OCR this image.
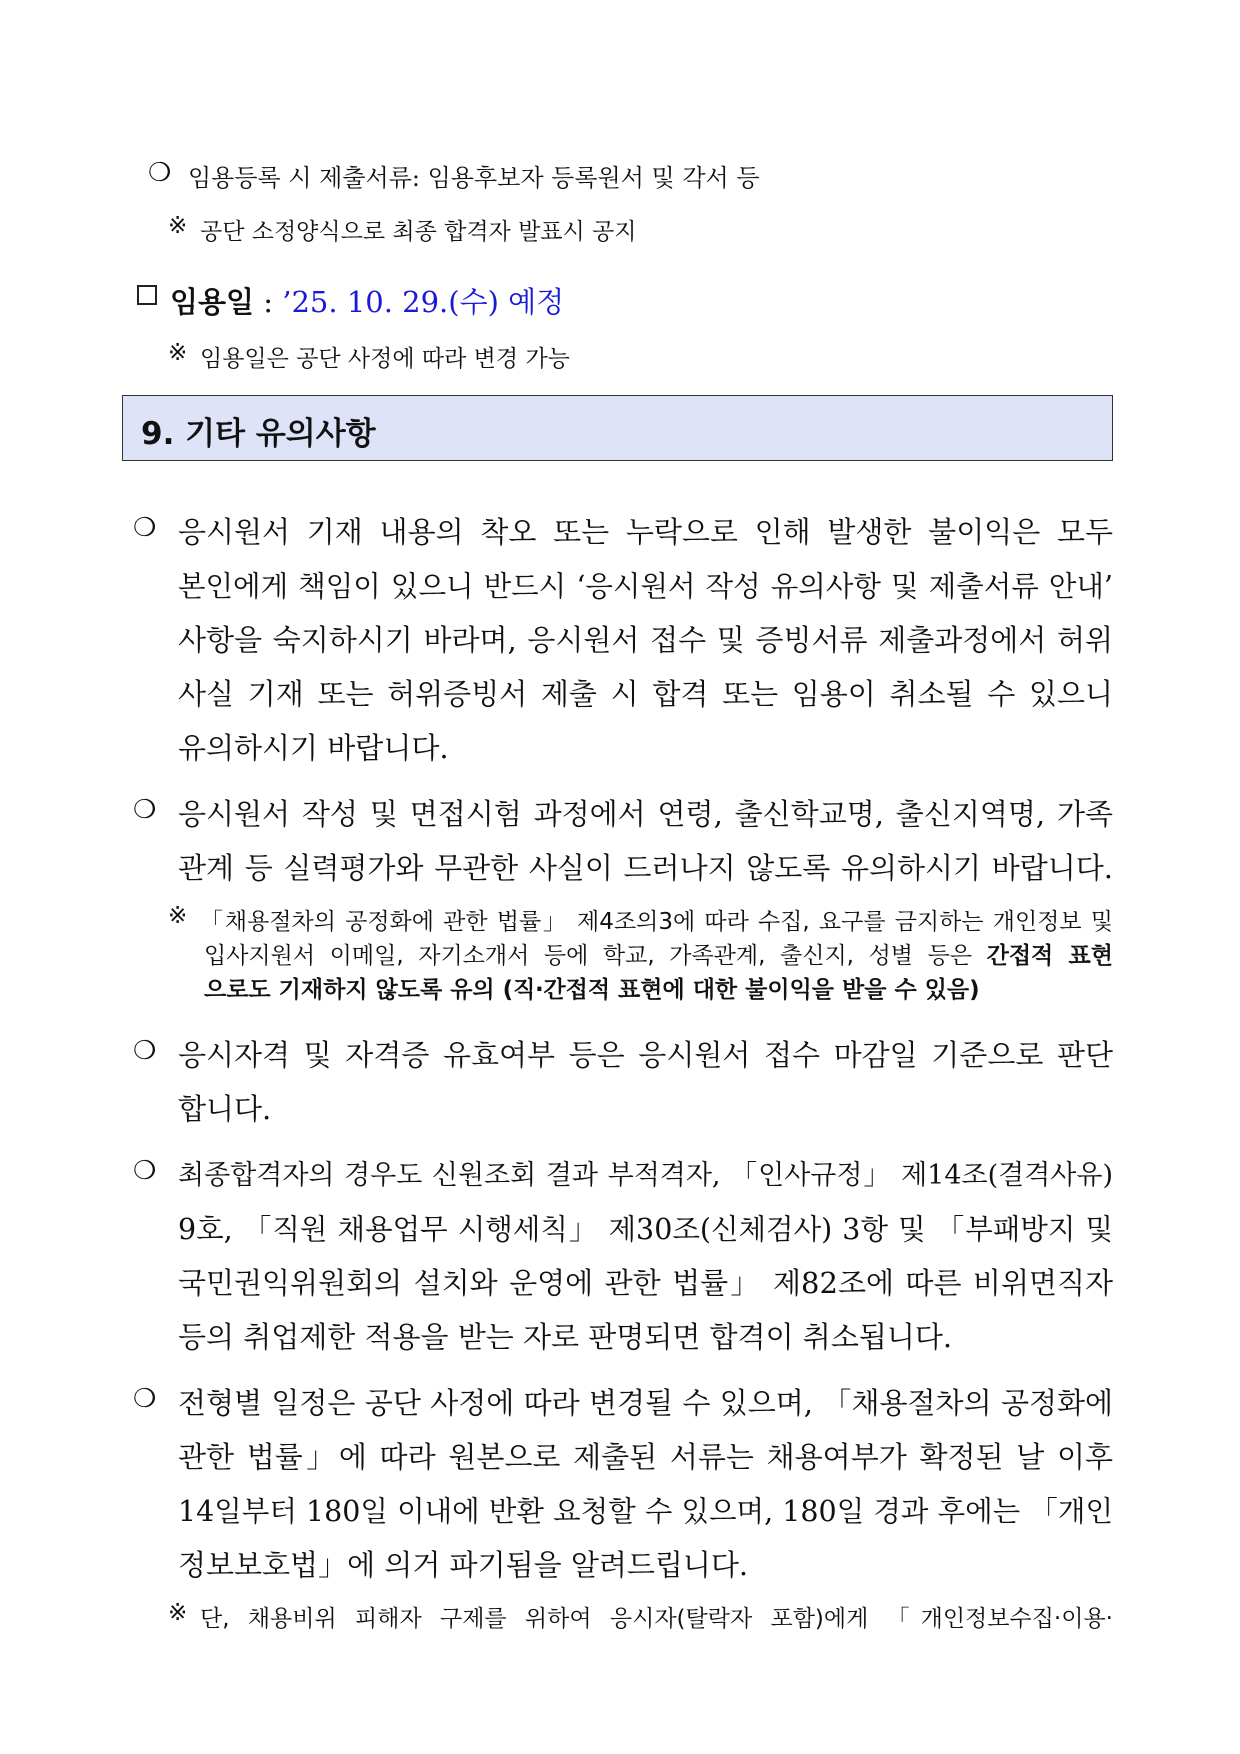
❍ 임용등록 시 제출서류: 임용후보자 등록원서 및 각서 등
※ 공단 소정양식으로 최종 합격자 발표시 공지
임용일 : ’25. 10. 29.(수) 예정
※ 임용일은 공단 사정에 따라 변경 가능
9. 기타 유의사항
❍ 응시원서 기재 내용의 착오 또는 누락으로 인해 발생한 불이익은 모두
본인에게 책임이 있으니 반드시 ‘응시원서 작성 유의사항 및 제출서류 안내’
사항을 숙지하시기 바라며, 응시원서 접수 및 증빙서류 제출과정에서 허위
사실 기재 또는 허위증빙서 제출 시 합격 또는 임용이 취소될 수 있으니
유의하시기 바랍니다.
❍ 응시원서 작성 및 면접시험 과정에서 연령, 출신학교명, 출신지역명, 가족
관계 등 실력평가와 무관한 사실이 드러나지 않도록 유의하시기 바랍니다.
※ 「채용절차의 공정화에 관한 법률」 제4조의3에 따라 수집, 요구를 금지하는 개인정보 및
입사지원서 이메일, 자기소개서 등에 학교, 가족관계, 출신지, 성별 등은 간접적 표현
으로도 기재하지 않도록 유의 (직‧간접적 표현에 대한 불이익을 받을 수 있음)
❍ 응시자격 및 자격증 유효여부 등은 응시원서 접수 마감일 기준으로 판단
합니다.
❍ 최종합격자의 경우도 신원조회 결과 부적격자, 「인사규정」 제14조(결격사유)
9호, 「직원 채용업무 시행세칙」 제30조(신체검사) 3항 및 「부패방지 및
국민권익위원회의 설치와 운영에 관한 법률」 제82조에 따른 비위면직자
등의 취업제한 적용을 받는 자로 판명되면 합격이 취소됩니다.
❍ 전형별 일정은 공단 사정에 따라 변경될 수 있으며, 「채용절차의 공정화에
관한 법률」에 따라 원본으로 제출된 서류는 채용여부가 확정된 날 이후
14일부터 180일 이내에 반환 요청할 수 있으며, 180일 경과 후에는 「개인
정보보호법」에 의거 파기됨을 알려드립니다.
※ 단, 채용비위 피해자 구제를 위하여 응시자(탈락자 포함)에게 「개인정보수집‧이용‧
